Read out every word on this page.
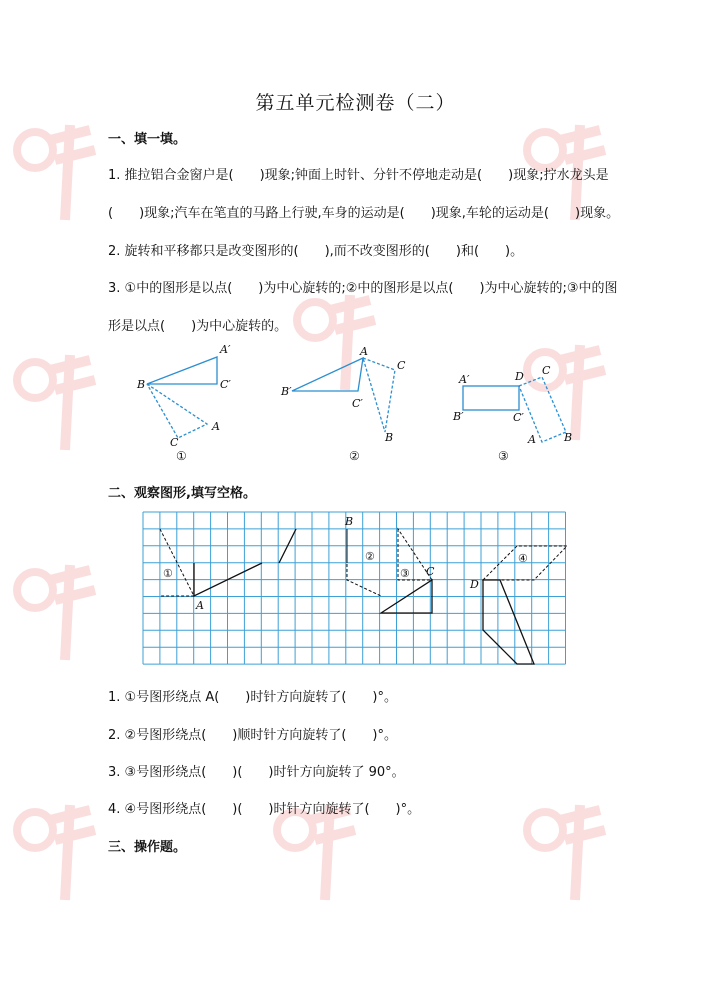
第五单元检测卷（二）
一、填一填。
1. 推拉铝合金窗户是(　　)现象;钟面上时针、分针不停地走动是(　　)现象;拧水龙头是
(　　)现象;汽车在笔直的马路上行驶,车身的运动是(　　)现象,车轮的运动是(　　)现象。
2. 旋转和平移都只是改变图形的(　　),而不改变图形的(　　)和(　　)。
3. ①中的图形是以点(　　)为中心旋转的;②中的图形是以点(　　)为中心旋转的;③中的图
形是以点(　　)为中心旋转的。
A′
B	C′
A
C
A
C
B′
C′
B
A′	D C
B′	C′
A	B
①	②	③
二、观察图形,填写空格。
①
A
B
②
③ C
D
④
1. ①号图形绕点 A(　　)时针方向旋转了(　　)°。
2. ②号图形绕点(　　)顺时针方向旋转了(　　)°。
3. ③号图形绕点(　　)(　　)时针方向旋转了 90°。
4. ④号图形绕点(　　)(　　)时针方向旋转了(　　)°。
三、操作题。
